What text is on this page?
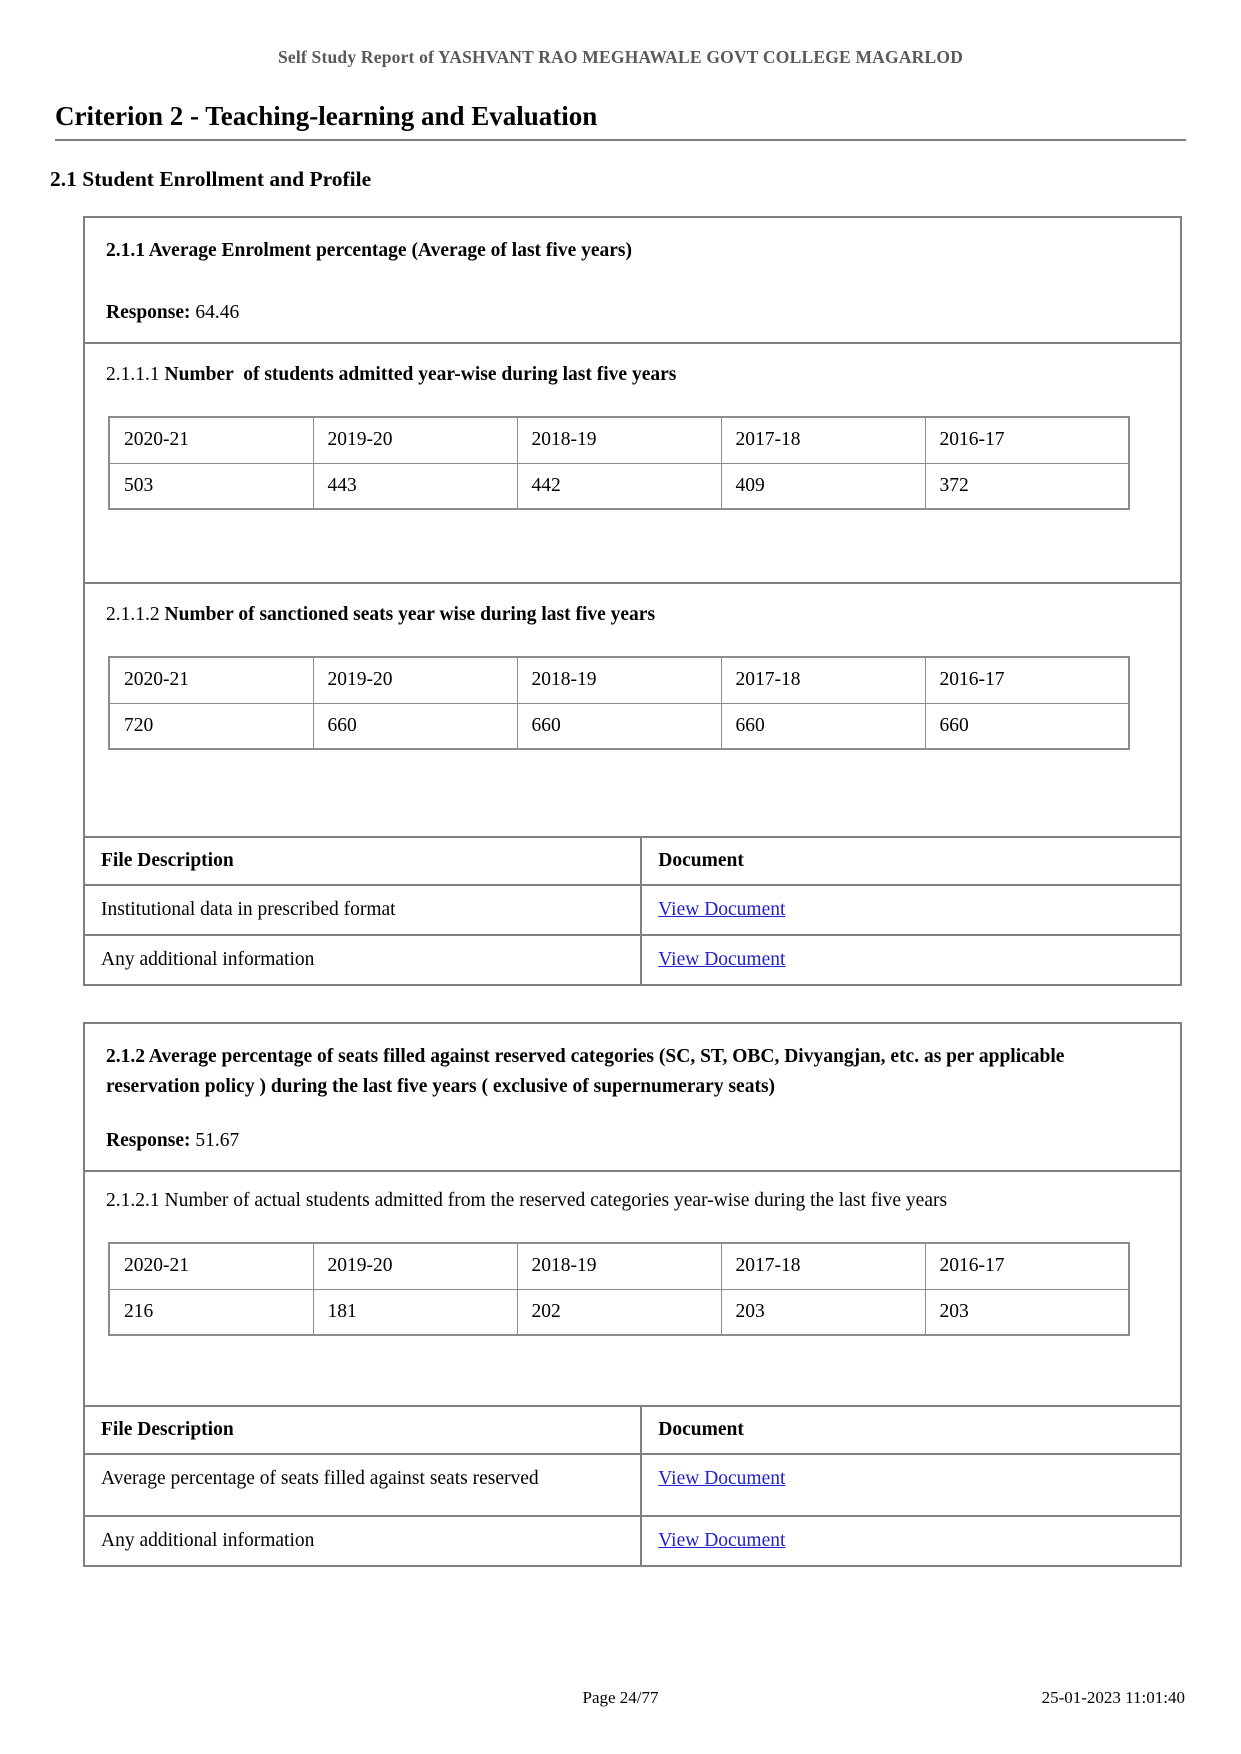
Self Study Report of YASHVANT RAO MEGHAWALE GOVT COLLEGE MAGARLOD
Criterion 2 - Teaching-learning and Evaluation
2.1 Student Enrollment and Profile

2.1.1 Average Enrolment percentage (Average of last five years)

Response: 64.46

2.1.1.1 Number  of students admitted year-wise during last five years

2020-21	2019-20	2018-19	2017-18	2016-17
503	443	442	409	372

2.1.1.2 Number of sanctioned seats year wise during last five years

2020-21	2019-20	2018-19	2017-18	2016-17
720	660	660	660	660
File Description	Document
Institutional data in prescribed format	View Document
Any additional information	View Document

2.1.2 Average percentage of seats filled against reserved categories (SC, ST, OBC, Divyangjan, etc. as per applicable reservation policy ) during the last five years ( exclusive of supernumerary seats)

Response: 51.67

2.1.2.1 Number of actual students admitted from the reserved categories year-wise during the last five years

2020-21	2019-20	2018-19	2017-18	2016-17
216	181	202	203	203
File Description	Document
Average percentage of seats filled against seats reserved	View Document
Any additional information	View Document
Page 24/77	25-01-2023 11:01:40
